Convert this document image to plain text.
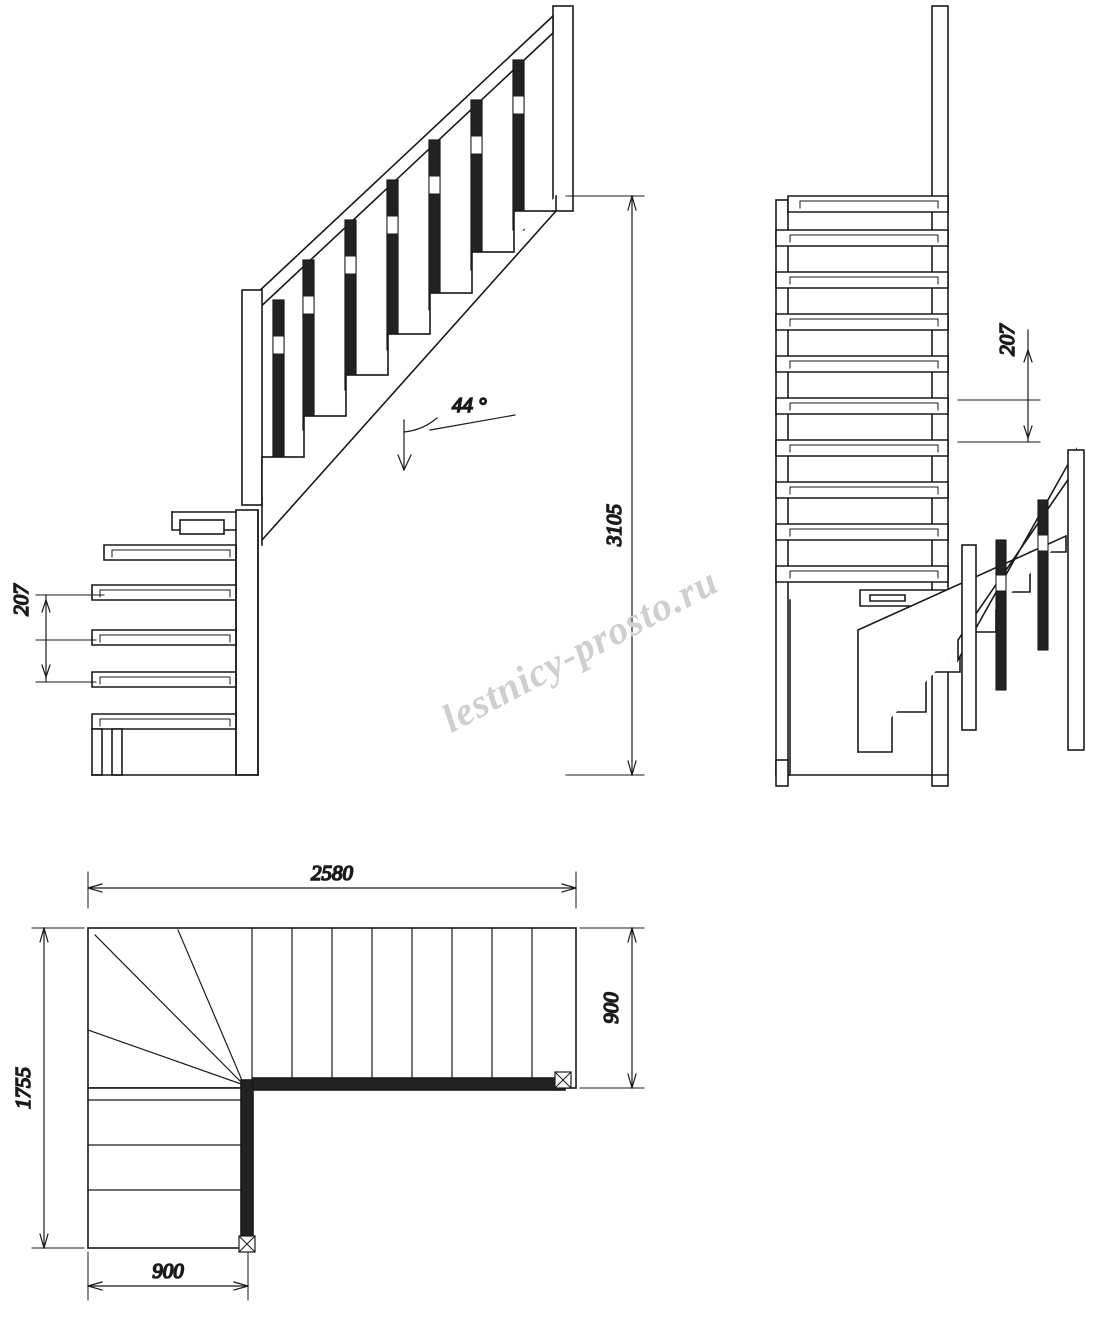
44 °
3105
207
207
2580
900
1755
900
lestnicy-prosto.ru
